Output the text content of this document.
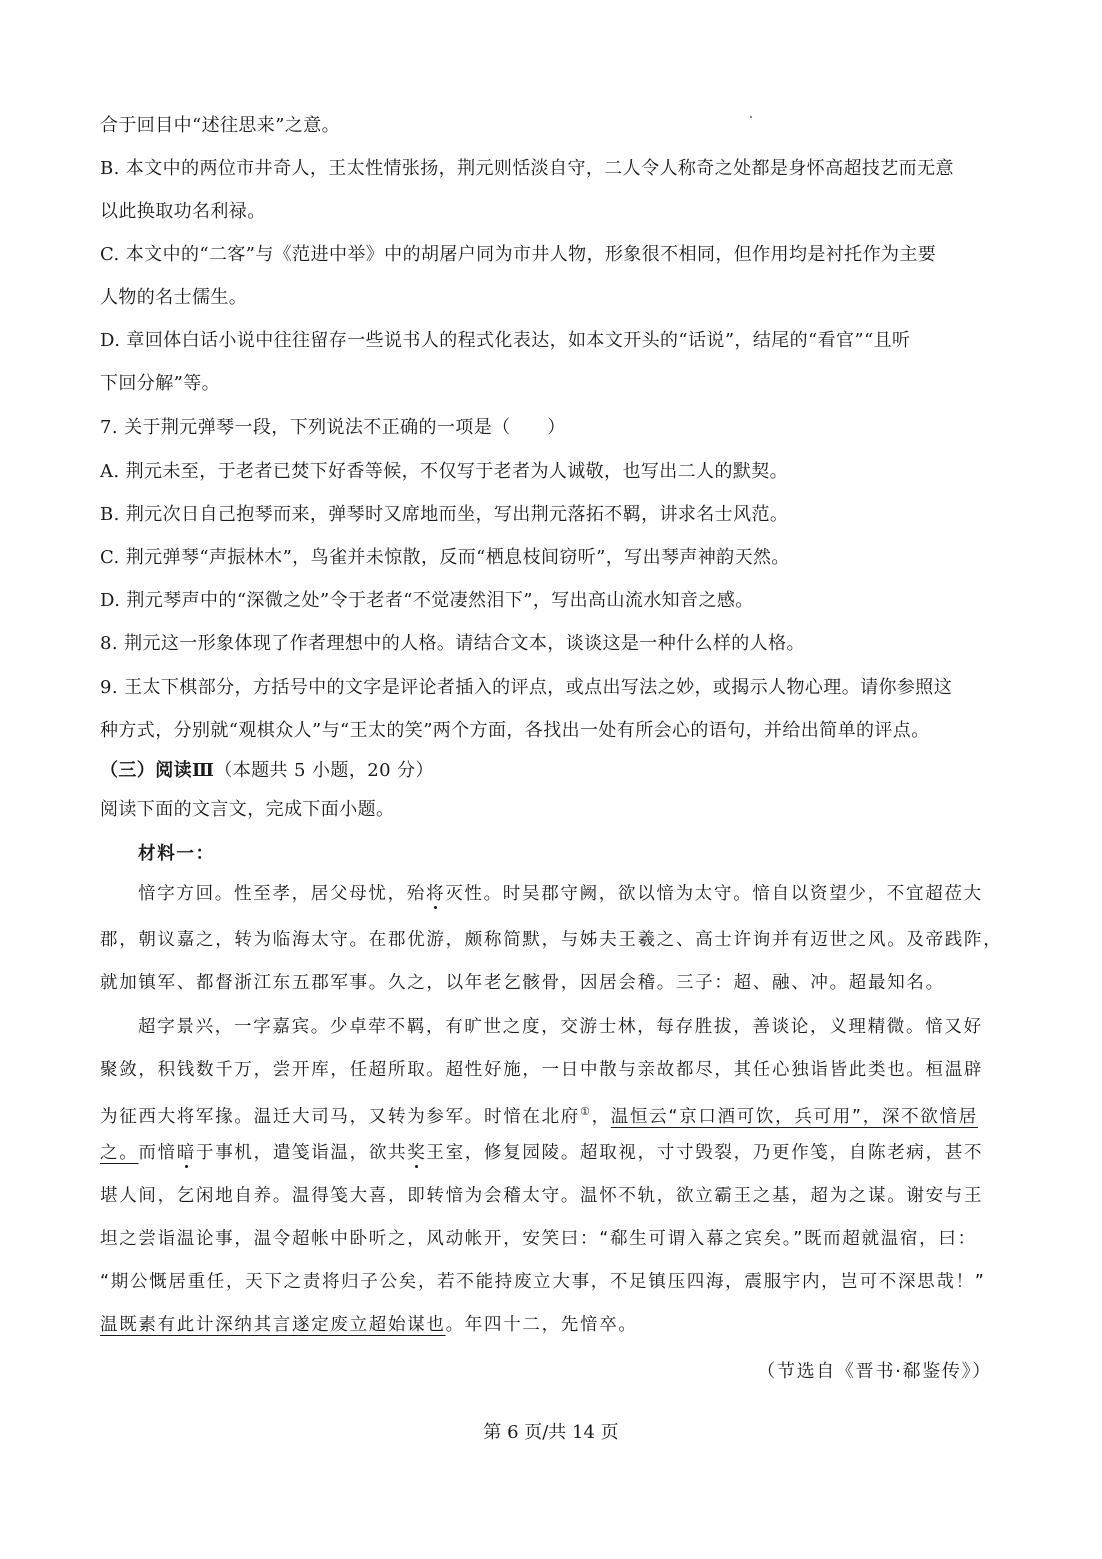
合于回目中“述往思来”之意。
B. 本文中的两位市井奇人，王太性情张扬，荆元则恬淡自守，二人令人称奇之处都是身怀高超技艺而无意
以此换取功名利禄。
C. 本文中的“二客”与《范进中举》中的胡屠户同为市井人物，形象很不相同，但作用均是衬托作为主要
人物的名士儒生。
D. 章回体白话小说中往往留存一些说书人的程式化表达，如本文开头的“话说”，结尾的“看官”“且听
下回分解”等。
7. 关于荆元弹琴一段，下列说法不正确的一项是（　　）
A. 荆元未至，于老者已焚下好香等候，不仅写于老者为人诚敬，也写出二人的默契。
B. 荆元次日自己抱琴而来，弹琴时又席地而坐，写出荆元落拓不羁，讲求名士风范。
C. 荆元弹琴“声振林木”，鸟雀并未惊散，反而“栖息枝间窃听”，写出琴声神韵天然。
D. 荆元琴声中的“深微之处”令于老者“不觉凄然泪下”，写出高山流水知音之感。
8. 荆元这一形象体现了作者理想中的人格。请结合文本，谈谈这是一种什么样的人格。
9. 王太下棋部分，方括号中的文字是评论者插入的评点，或点出写法之妙，或揭示人物心理。请你参照这
种方式，分别就“观棋众人”与“王太的笑”两个方面，各找出一处有所会心的语句，并给出简单的评点。
（三）阅读Ⅲ（本题共 5 小题，20 分）
阅读下面的文言文，完成下面小题。
材料一：
愔字方回。性至孝，居父母忧，殆将灭性。时吴郡守阙，欲以愔为太守。愔自以资望少，不宜超莅大
郡，朝议嘉之，转为临海太守。在郡优游，颇称简默，与姊夫王羲之、高士许询并有迈世之风。及帝践阼，
就加镇军、都督浙江东五郡军事。久之，以年老乞骸骨，因居会稽。三子：超、融、冲。超最知名。
超字景兴，一字嘉宾。少卓荦不羁，有旷世之度，交游士林，每存胜拔，善谈论，义理精微。愔又好
聚敛，积钱数千万，尝开库，任超所取。超性好施，一日中散与亲故都尽，其任心独诣皆此类也。桓温辟
为征西大将军掾。温迁大司马，又转为参军。时愔在北府①，温恒云“京口酒可饮，兵可用”，深不欲愔居
之。而愔暗于事机，遣笺诣温，欲共奖王室，修复园陵。超取视，寸寸毁裂，乃更作笺，自陈老病，甚不
堪人间，乞闲地自养。温得笺大喜，即转愔为会稽太守。温怀不轨，欲立霸王之基，超为之谋。谢安与王
坦之尝诣温论事，温令超帐中卧听之，风动帐开，安笑曰：“郗生可谓入幕之宾矣。”既而超就温宿，曰：
“期公慨居重任，天下之责将归子公矣，若不能持废立大事，不足镇压四海，震服宇内，岂可不深思哉！”
温既素有此计深纳其言遂定废立超始谋也。年四十二，先愔卒。
（节选自《晋书·郗鉴传》）
第 6 页/共 14 页
